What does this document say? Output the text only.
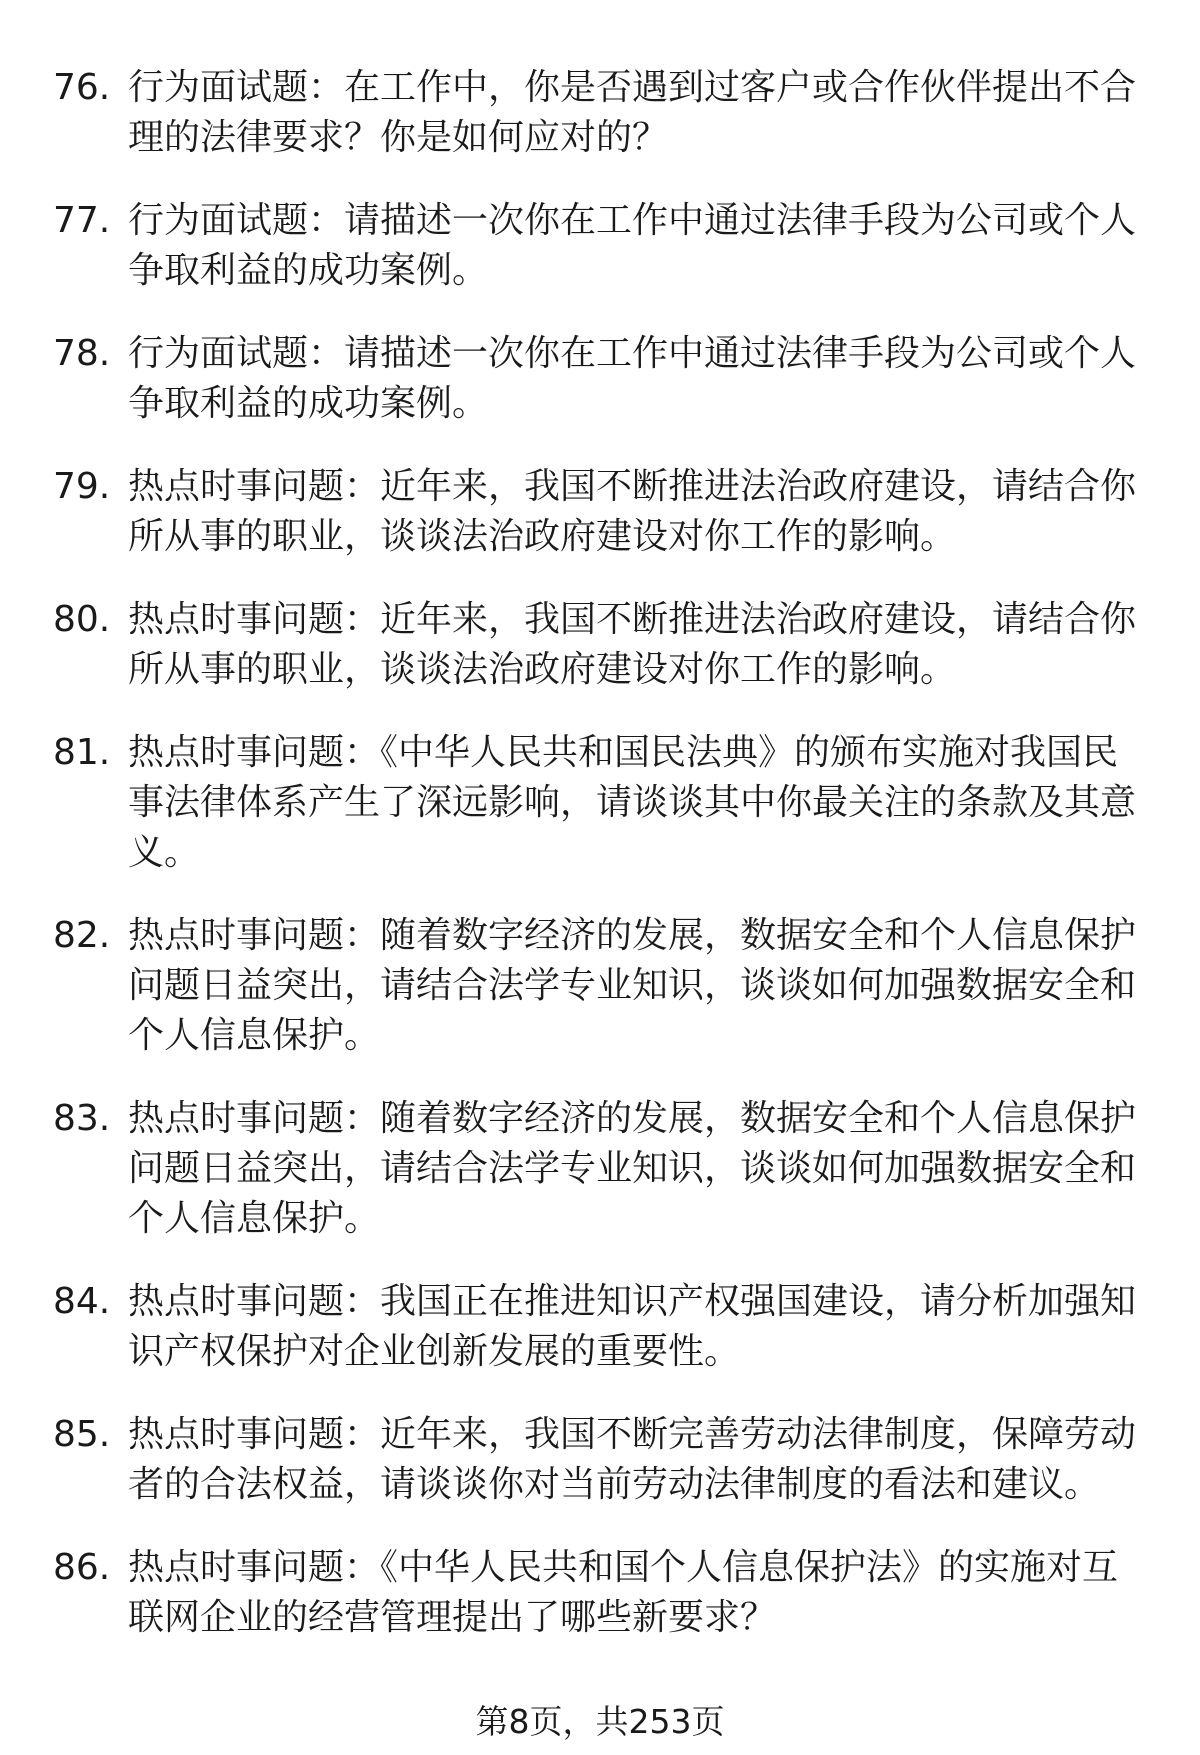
76. 行为面试题：在工作中，你是否遇到过客户或合作伙伴提出不合
理的法律要求？你是如何应对的？
77. 行为面试题：请描述一次你在工作中通过法律手段为公司或个人
争取利益的成功案例。
78. 行为面试题：请描述一次你在工作中通过法律手段为公司或个人
争取利益的成功案例。
79. 热点时事问题：近年来，我国不断推进法治政府建设，请结合你
所从事的职业，谈谈法治政府建设对你工作的影响。
80. 热点时事问题：近年来，我国不断推进法治政府建设，请结合你
所从事的职业，谈谈法治政府建设对你工作的影响。
81. 热点时事问题：《中华人民共和国民法典》的颁布实施对我国民
事法律体系产生了深远影响，请谈谈其中你最关注的条款及其意
义。
82. 热点时事问题：随着数字经济的发展，数据安全和个人信息保护
问题日益突出，请结合法学专业知识，谈谈如何加强数据安全和
个人信息保护。
83. 热点时事问题：随着数字经济的发展，数据安全和个人信息保护
问题日益突出，请结合法学专业知识，谈谈如何加强数据安全和
个人信息保护。
84. 热点时事问题：我国正在推进知识产权强国建设，请分析加强知
识产权保护对企业创新发展的重要性。
85. 热点时事问题：近年来，我国不断完善劳动法律制度，保障劳动
者的合法权益，请谈谈你对当前劳动法律制度的看法和建议。
86. 热点时事问题：《中华人民共和国个人信息保护法》的实施对互
联网企业的经营管理提出了哪些新要求？
第8页，共253页
